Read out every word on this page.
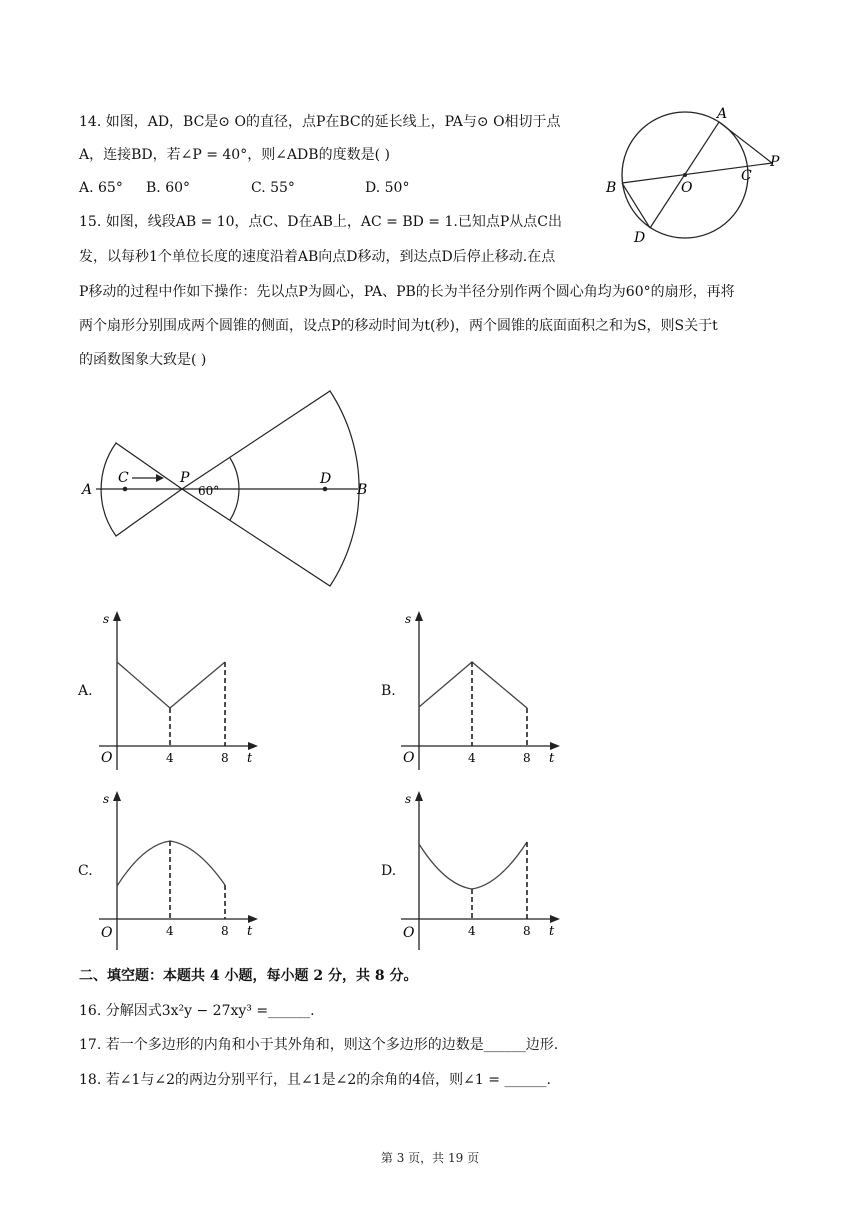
14. 如图，AD，BC是⊙ O的直径，点P在BC的延长线上，PA与⊙ O相切于点
A，连接BD，若∠P = 40°，则∠ADB的度数是( )
A. 65° B. 60°	C. 55°	D. 50°
A
P
B	O
C
D
15. 如图，线段AB = 10，点C、D在AB上，AC = BD = 1.已知点P从点C出
发，以每秒1个单位长度的速度沿着AB向点D移动，到达点D后停止移动.在点
P移动的过程中作如下操作：先以点P为圆心，PA、PB的长为半径分别作两个圆心角均为60°的扇形，再将
两个扇形分别围成两个圆锥的侧面，设点P的移动时间为t(秒)，两个圆锥的底面面积之和为S，则S关于t
的函数图象大致是( )
A
C	P
60°
D
B
A.
s
t
O	4	8
B.
s
t
O	4	8
C.
s
t
O	4	8
D.
s
t
O	4	8
二、填空题：本题共 4 小题，每小题 2 分，共 8 分。
16. 分解因式3x²y − 27xy³ =______.
17. 若一个多边形的内角和小于其外角和，则这个多边形的边数是______边形.
18. 若∠1与∠2的两边分别平行，且∠1是∠2的余角的4倍，则∠1 = ______.
第 3 页，共 19 页
